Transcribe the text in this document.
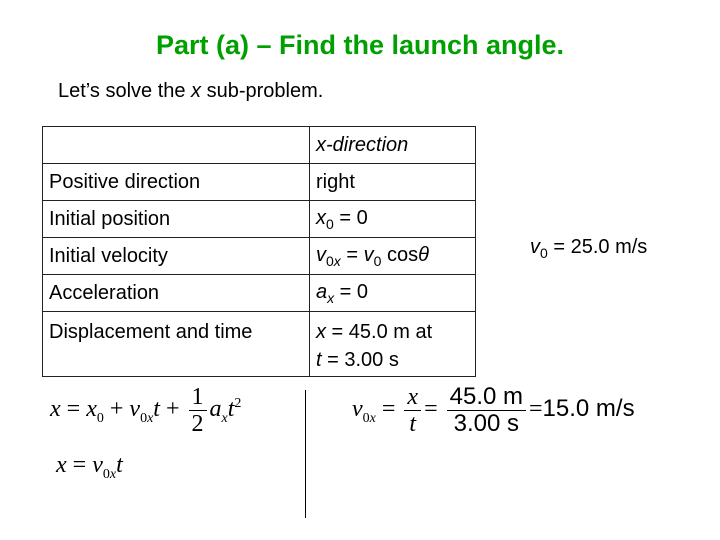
Part (a) – Find the launch angle.
Let’s solve the x sub-problem.
	x-direction
Positive direction	right
Initial position	$x_0 = 0$
Initial velocity	$v_{0x} = v_0$ cosθ
Acceleration	$a_x = 0$
Displacement and time	x = 45.0 m at
t = 3.00 s
$v_0 = 25.0$ m/s
$x = x_0 + v_{0x}t + \frac{1}{2} a_xt^2$
$x = v_{0x}t$
$v_{0x} = \frac{x}{t} = \frac{45.0 m}{3.00 s} =15.0$ m/s
